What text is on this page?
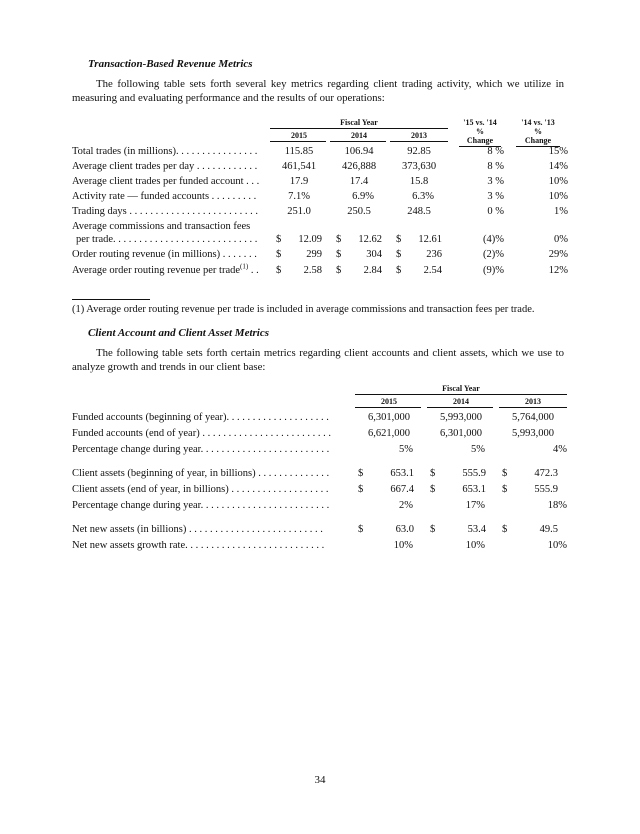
Transaction-Based Revenue Metrics
The following table sets forth several key metrics regarding client trading activity, which we utilize in measuring and evaluating performance and the results of our operations:
Fiscal Year
2015	2014	2013
'15 vs. '14
%
Change
'14 vs. '13
%
Change
Total trades (in millions). . . . . . . . . . . . . . . .	115.85	106.94	92.85	8 %	15%
Average client trades per day . . . . . . . . . . . .	461,541	426,888	373,630	8 %	14%
Average client trades per funded account . . .	17.9	17.4	15.8	3 %	10%
Activity rate — funded accounts . . . . . . . . .	7.1%	6.9%	6.3%	3 %	10%
Trading days . . . . . . . . . . . . . . . . . . . . . . . . .	251.0	250.5	248.5	0 %	1%
Average commissions and transaction fees
per trade. . . . . . . . . . . . . . . . . . . . . . . . . . . . $	12.09 $	12.62 $	12.61	(4)%	0%
Order routing revenue (in millions) . . . . . . . $	299 $	304 $	236	(2)%	29%
Average order routing revenue per trade$^{(1)}$ . . $	2.58 $	2.84 $	2.54	(9)%	12%
(1) Average order routing revenue per trade is included in average commissions and transaction fees per trade.
Client Account and Client Asset Metrics
The following table sets forth certain metrics regarding client accounts and client assets, which we use to analyze growth and trends in our client base:
Fiscal Year
2015	2014	2013
Funded accounts (beginning of year). . . . . . . . . . . . . . . . . . . .	6,301,000	5,993,000	5,764,000
Funded accounts (end of year) . . . . . . . . . . . . . . . . . . . . . . . . .	6,621,000	6,301,000	5,993,000
Percentage change during year. . . . . . . . . . . . . . . . . . . . . . . . .	5%	5%	4%
Client assets (beginning of year, in billions) . . . . . . . . . . . . . .	$	653.1 $	555.9 $	472.3
Client assets (end of year, in billions) . . . . . . . . . . . . . . . . . . .	$	667.4 $	653.1 $	555.9
Percentage change during year. . . . . . . . . . . . . . . . . . . . . . . . .	2%	17%	18%
Net new assets (in billions) . . . . . . . . . . . . . . . . . . . . . . . . . .	$	63.0 $	53.4 $	49.5
Net new assets growth rate. . . . . . . . . . . . . . . . . . . . . . . . . . .	10%	10%	10%
34
